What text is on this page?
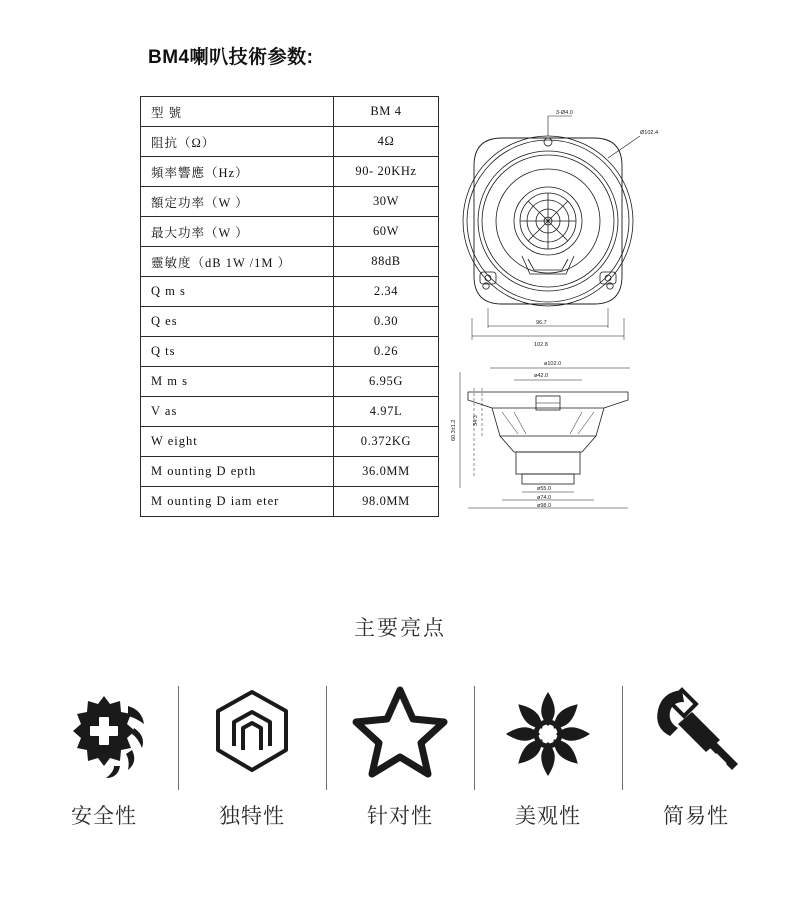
BM4喇叭技術参数:
型 號	BM 4
阻抗（Ω）	4Ω
頻率響應（Hz）	90- 20KHz
額定功率（W ）	30W
最大功率（W ）	60W
靈敏度（dB 1W /1M ）	88dB
Q m s	2.34
Q es	0.30
Q ts	0.26
M m s	6.95G
V as	4.97L
W eight	0.372KG
M ounting D epth	36.0MM
M ounting D iam eter	98.0MM
3-Ø4.0
Ø102.4
96.7
102.8
ø102.0
ø42.0
60.3±1.2	34.3
ø55.0
ø74.0
ø98.0
主要亮点
安全性	独特性	针对性	美观性	简易性
